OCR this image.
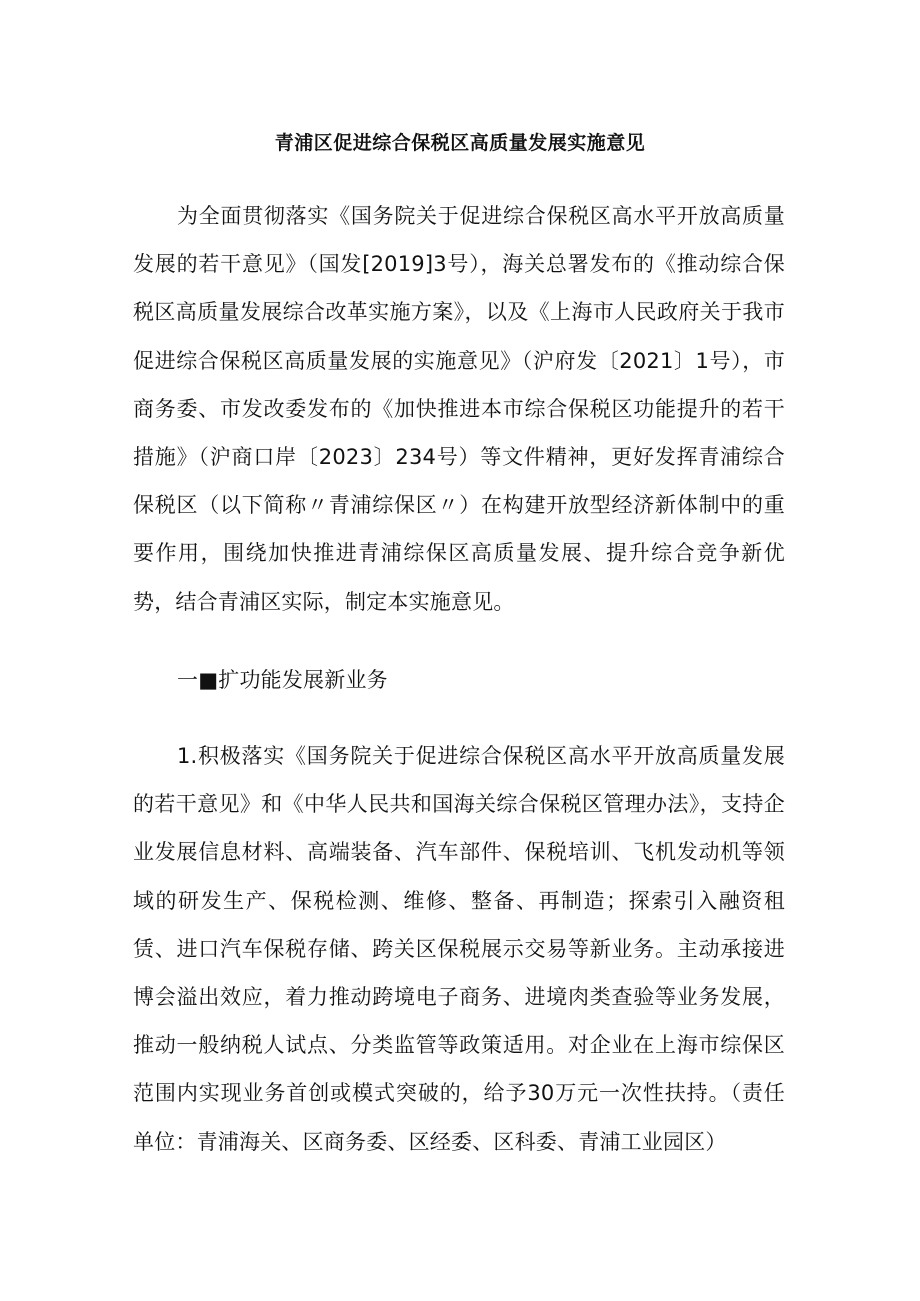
青浦区促进综合保税区高质量发展实施意见
为全面贯彻落实《国务院关于促进综合保税区高水平开放高质量发展的若干意见》（国发[2019]3号），海关总署发布的《推动综合保税区高质量发展综合改革实施方案》，以及《上海市人民政府关于我市促进综合保税区高质量发展的实施意见》（沪府发〔2021〕1号），市商务委、市发改委发布的《加快推进本市综合保税区功能提升的若干措施》（沪商口岸〔2023〕234号）等文件精神，更好发挥青浦综合保税区（以下简称〃青浦综保区〃）在构建开放型经济新体制中的重要作用，围绕加快推进青浦综保区高质量发展、提升综合竞争新优势，结合青浦区实际，制定本实施意见。
一■扩功能发展新业务
1.积极落实《国务院关于促进综合保税区高水平开放高质量发展的若干意见》和《中华人民共和国海关综合保税区管理办法》，支持企业发展信息材料、高端装备、汽车部件、保税培训、飞机发动机等领域的研发生产、保税检测、维修、整备、再制造；探索引入融资租赁、进口汽车保税存储、跨关区保税展示交易等新业务。主动承接进博会溢出效应，着力推动跨境电子商务、进境肉类查验等业务发展，推动一般纳税人试点、分类监管等政策适用。对企业在上海市综保区范围内实现业务首创或模式突破的，给予30万元一次性扶持。（责任单位：青浦海关、区商务委、区经委、区科委、青浦工业园区）
